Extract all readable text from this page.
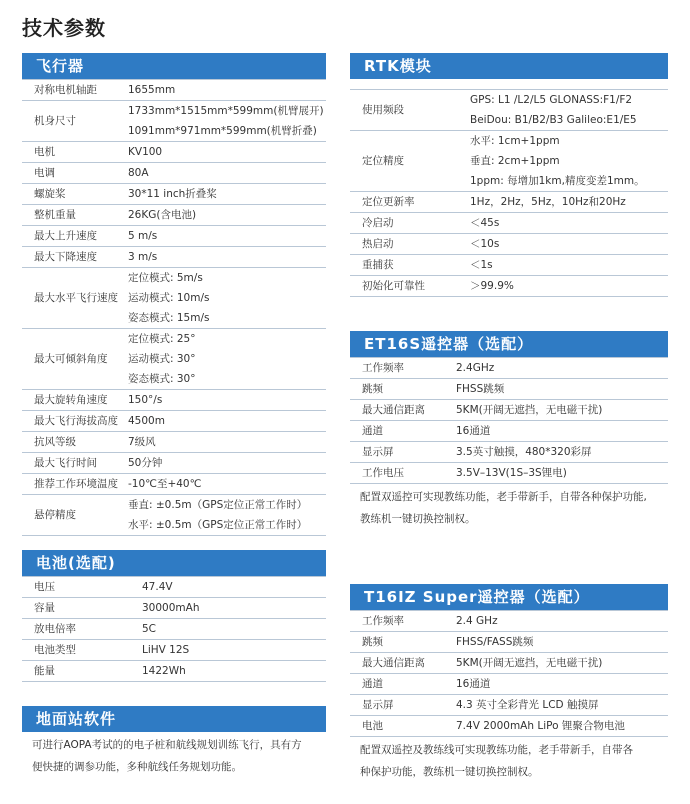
技术参数
飞行器
对称电机轴距	1655mm

机身尺寸	1733mm*1515mm*599mm(机臂展开)
1091mm*971mm*599mm(机臂折叠)

电机	KV100

电调	80A

螺旋桨	30*11 inch折叠桨

整机重量	26KG(含电池)

最大上升速度	5 m/s

最大下降速度	3 m/s

最大水平飞行速度	定位模式: 5m/s
运动模式: 10m/s
姿态模式: 15m/s

最大可倾斜角度	定位模式: 25°
运动模式: 30°
姿态模式: 30°

最大旋转角速度	150°/s

最大飞行海拔高度	4500m

抗风等级	7级风

最大飞行时间	50分钟

推荐工作环境温度	-10℃至+40℃

悬停精度	垂直: ±0.5m（GPS定位正常工作时）
水平: ±0.5m（GPS定位正常工作时）
电池(选配)
电压	47.4V

容量	30000mAh

放电倍率	5C

电池类型	LiHV 12S

能量	1422Wh
地面站软件
可进行AOPA考试的的电子桩和航线规划训练飞行，具有方
便快捷的调参功能，多种航线任务规划功能。
RTK模块
使用频段	GPS: L1 /L2/L5 GLONASS:F1/F2
BeiDou: B1/B2/B3 Galileo:E1/E5

定位精度	水平: 1cm+1ppm
垂直: 2cm+1ppm
1ppm: 每增加1km,精度变差1mm。

定位更新率	1Hz，2Hz，5Hz，10Hz和20Hz

冷启动	＜45s

热启动	＜10s

重捕获	＜1s

初始化可靠性	＞99.9%
ET16S遥控器（选配）
工作频率	2.4GHz

跳频	FHSS跳频

最大通信距离	5KM(开阔无遮挡，无电磁干扰)

通道	16通道

显示屏	3.5英寸触摸，480*320彩屏

工作电压	3.5V–13V(1S–3S锂电)
配置双遥控可实现教练功能，老手带新手，自带各种保护功能,
教练机一键切换控制权。
T16IZ Super遥控器（选配）
工作频率	2.4 GHz

跳频	FHSS/FASS跳频

最大通信距离	5KM(开阔无遮挡，无电磁干扰)

通道	16通道

显示屏	4.3 英寸全彩背光 LCD 触摸屏

电池	7.4V 2000mAh LiPo 锂聚合物电池
配置双遥控及教练线可实现教练功能，老手带新手，自带各
种保护功能，教练机一键切换控制权。
